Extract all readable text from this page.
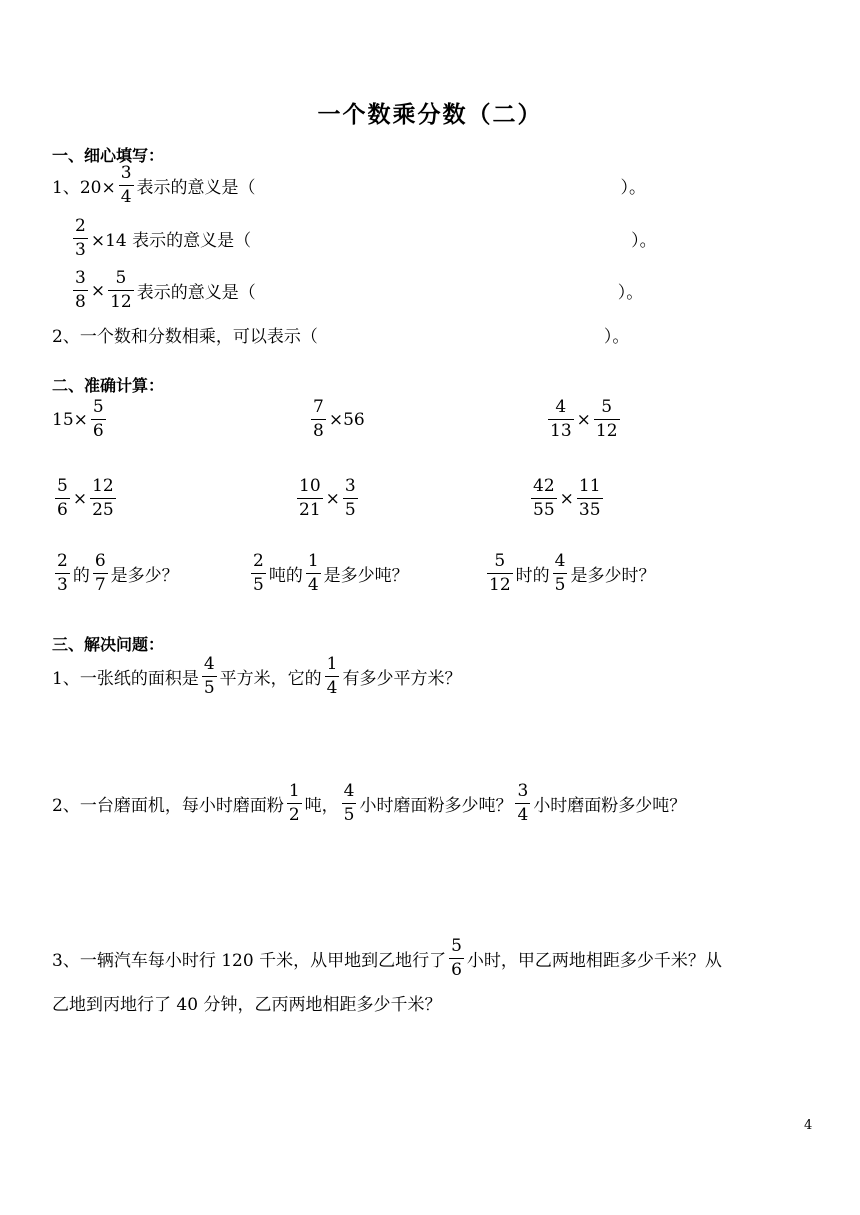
一个数乘分数（二）
一、细心填写：
1、$20\times \frac{3}{4}$ 表示的意义是（	）。
$\frac{2}{3} \times 14$ 表示的意义是（	）。
$\frac{3}{8} \times \frac{5}{12}$ 表示的意义是（	）。
2、一个数和分数相乘，可以表示（	）。
二、准确计算：
$15\times \frac{5}{6}$	$\frac{7}{8} \times 56$	$\frac{4}{13} \times \frac{5}{12}$
$\frac{5}{6} \times \frac{12}{25}$	$\frac{10}{21} \times \frac{3}{5}$	$\frac{42}{55} \times \frac{11}{35}$
$\frac{2}{3}$ 的 $\frac{6}{7}$ 是多少？	$\frac{2}{5}$ 吨的 $\frac{1}{4}$ 是多少吨？	$\frac{5}{12}$ 时的 $\frac{4}{5}$ 是多少时？
三、解决问题：
1、一张纸的面积是 $\frac{4}{5}$ 平方米，它的 $\frac{1}{4}$ 有多少平方米？
2、一台磨面机，每小时磨面粉 $\frac{1}{2}$ 吨， $\frac{4}{5}$ 小时磨面粉多少吨？ $\frac{3}{4}$ 小时磨面粉多少吨？
3、一辆汽车每小时行 120 千米，从甲地到乙地行了 $\frac{5}{6}$ 小时，甲乙两地相距多少千米？从
乙地到丙地行了 40 分钟，乙丙两地相距多少千米？
4
